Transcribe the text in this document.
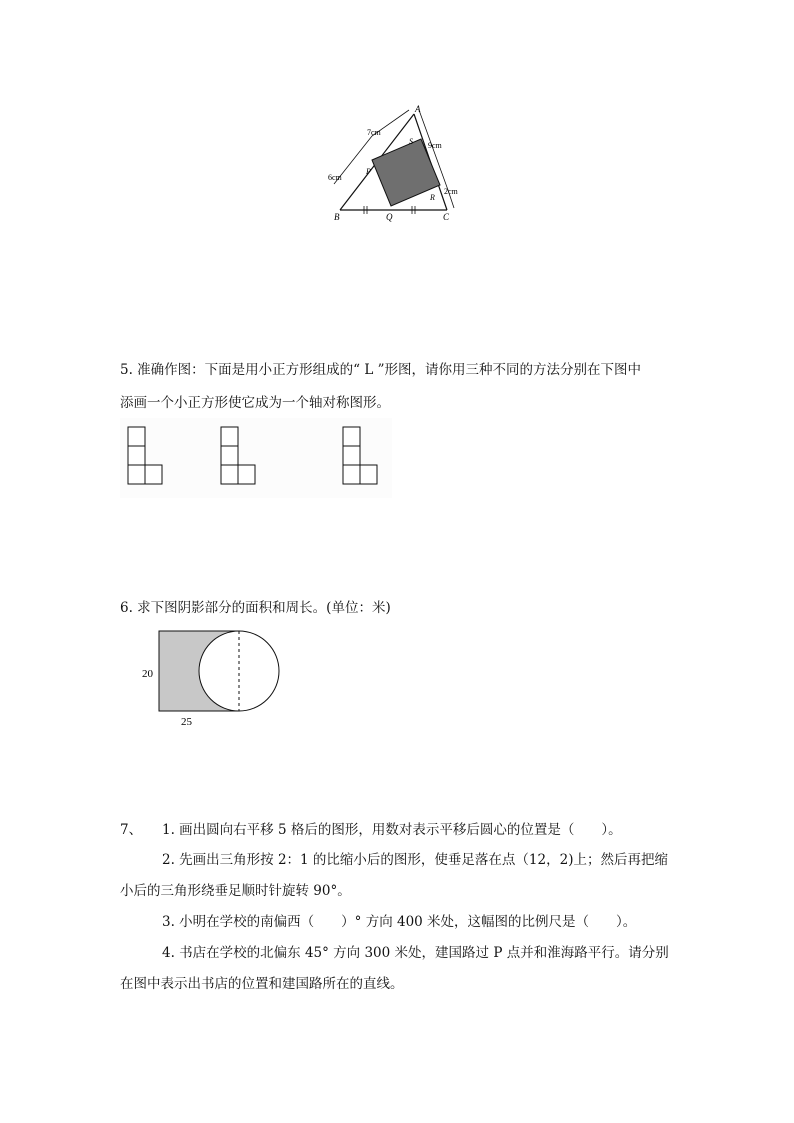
A
B	C
P
Q
R
S
7cm
6cm
9cm
2cm
5. 准确作图：下面是用小正方形组成的“ L ”形图，请你用三种不同的方法分别在下图中
添画一个小正方形使它成为一个轴对称图形。
6. 求下图阴影部分的面积和周长。(单位：米)
20
25
7、 1. 画出圆向右平移 5 格后的图形，用数对表示平移后圆心的位置是（　　）。
2. 先画出三角形按 2：1 的比缩小后的图形，使垂足落在点（12，2)上；然后再把缩
小后的三角形绕垂足顺时针旋转 90°。
3. 小明在学校的南偏西（　　）° 方向 400 米处，这幅图的比例尺是（　　）。
4. 书店在学校的北偏东 45° 方向 300 米处，建国路过 P 点并和淮海路平行。请分别
在图中表示出书店的位置和建国路所在的直线。
